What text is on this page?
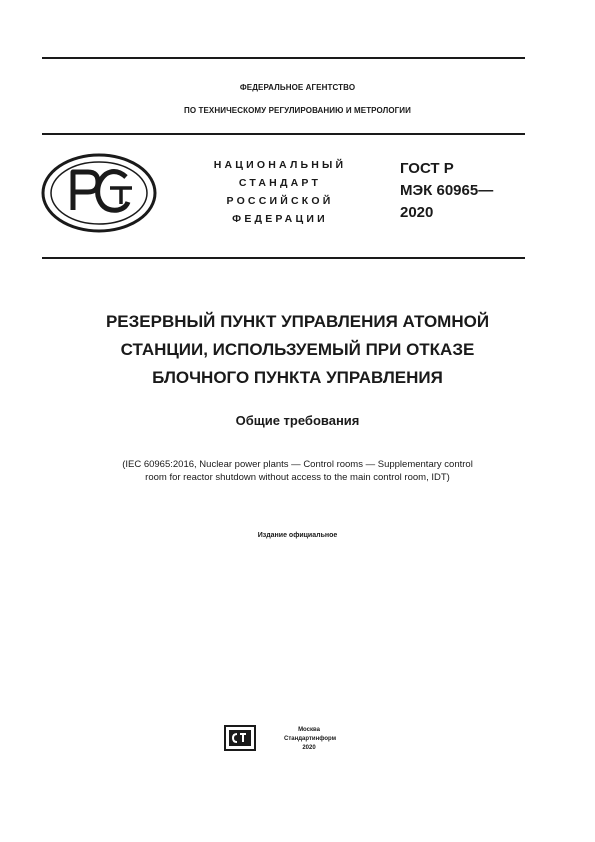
ФЕДЕРАЛЬНОЕ АГЕНТСТВО
ПО ТЕХНИЧЕСКОМУ РЕГУЛИРОВАНИЮ И МЕТРОЛОГИИ
НАЦИОНАЛЬНЫЙ
СТАНДАРТ
РОССИЙСКОЙ
ФЕДЕРАЦИИ
ГОСТ Р
МЭК 60965—
2020
РЕЗЕРВНЫЙ ПУНКТ УПРАВЛЕНИЯ АТОМНОЙ
СТАНЦИИ, ИСПОЛЬЗУЕМЫЙ ПРИ ОТКАЗЕ
БЛОЧНОГО ПУНКТА УПРАВЛЕНИЯ
Общие требования
(IEC 60965:2016, Nuclear power plants — Control rooms — Supplementary control
room for reactor shutdown without access to the main control room, IDT)
Издание официальное
Москва
Стандартинформ
2020
